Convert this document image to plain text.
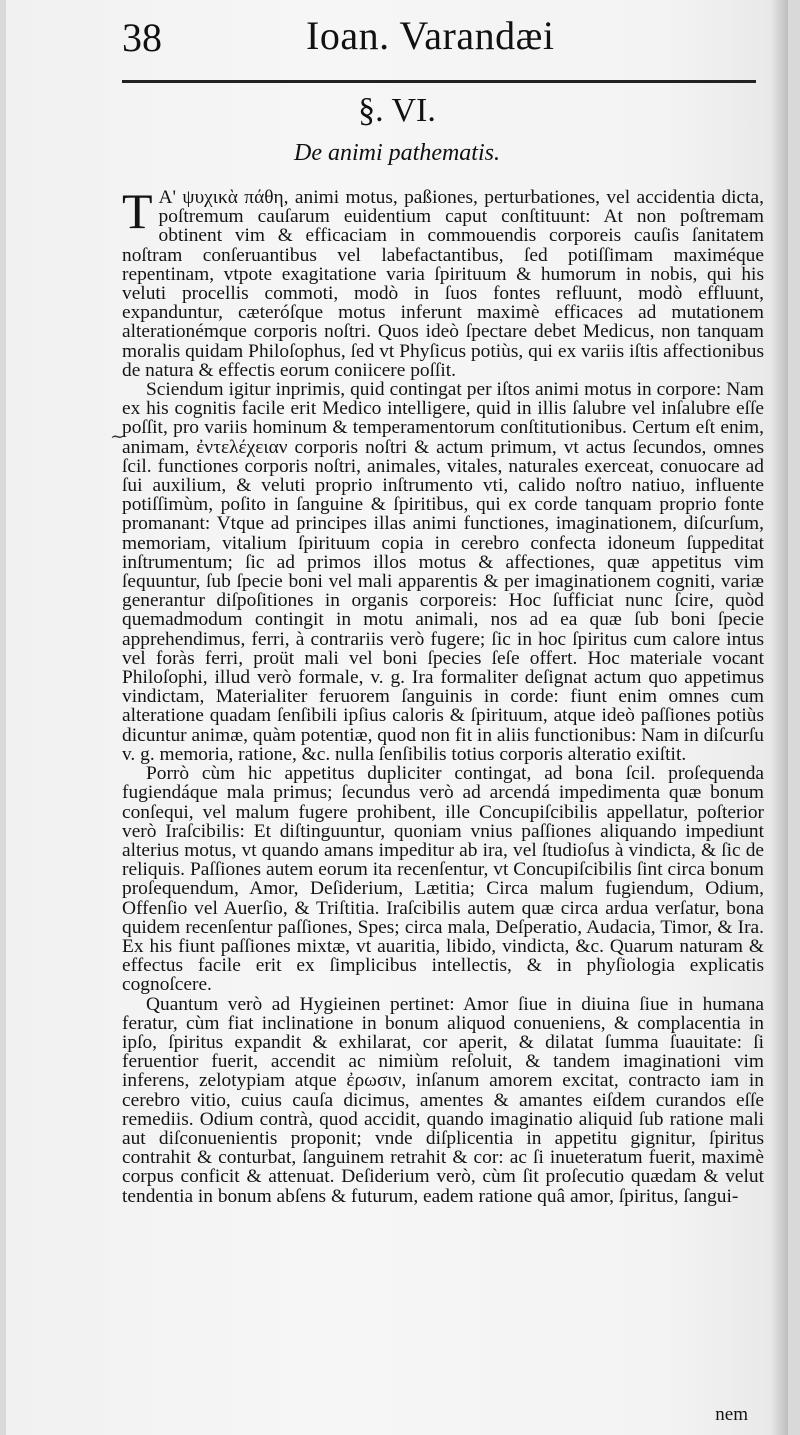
38	Ioan. Varandæi
§. VI.
De animi pathematis.
~

T A' ψυχικὰ πάθη, animi motus, paßiones, perturbationes, vel accidentia dicta, poſtremum cauſarum euidentium caput conſtituunt: At non poſtremam obtinent vim & efficaciam in commouendis corporeis cauſis ſanitatem noſtram conſeruantibus vel labefactantibus, ſed potiſſimam maximéque repentinam, vtpote exagitatione varia ſpirituum & humorum in nobis, qui his veluti procellis commoti, modò in ſuos fontes refluunt, modò effluunt, expanduntur, cæteróſque motus inferunt maximè efficaces ad mutationem alterationémque corporis noſtri. Quos ideò ſpectare debet Medicus, non tanquam moralis quidam Philoſophus, ſed vt Phyſicus potiùs, qui ex variis iſtis affectionibus de natura & effectis eorum coniicere poſſit.

Sciendum igitur inprimis, quid contingat per iſtos animi motus in corpore: Nam ex his cognitis facile erit Medico intelligere, quid in illis ſalubre vel inſalubre eſſe poſſit, pro variis hominum & temperamentorum conſtitutionibus. Certum eſt enim, animam, ἐντελέχειαν corporis noſtri & actum primum, vt actus ſecundos, omnes ſcil. functiones corporis noſtri, animales, vitales, naturales exerceat, conuocare ad ſui auxilium, & veluti proprio inſtrumento vti, calido noſtro natiuo, influente potiſſimùm, poſito in ſanguine & ſpiritibus, qui ex corde tanquam proprio fonte promanant: Vtque ad principes illas animi functiones, imaginationem, diſcurſum, memoriam, vitalium ſpirituum copia in cerebro confecta idoneum ſuppeditat inſtrumentum; ſic ad primos illos motus & affectiones, quæ appetitus vim ſequuntur, ſub ſpecie boni vel mali apparentis & per imaginationem cogniti, variæ generantur diſpoſitiones in organis corporeis: Hoc ſufficiat nunc ſcire, quòd quemadmodum contingit in motu animali, nos ad ea quæ ſub boni ſpecie apprehendimus, ferri, à contrariis verò fugere; ſic in hoc ſpiritus cum calore intus vel foràs ferri, proüt mali vel boni ſpecies ſeſe offert. Hoc materiale vocant Philoſophi, illud verò formale, v. g. Ira formaliter deſignat actum quo appetimus vindictam, Materialiter feruorem ſanguinis in corde: fiunt enim omnes cum alteratione quadam ſenſibili ipſius caloris & ſpirituum, atque ideò paſſiones potiùs dicuntur animæ, quàm potentiæ, quod non fit in aliis functionibus: Nam in diſcurſu v. g. memoria, ratione, &c. nulla ſenſibilis totius corporis alteratio exiſtit.

Porrò cùm hic appetitus dupliciter contingat, ad bona ſcil. proſequenda fugiendáque mala primus; ſecundus verò ad arcendá impedimenta quæ bonum conſequi, vel malum fugere prohibent, ille Concupiſcibilis appellatur, poſterior verò Iraſcibilis: Et diſtinguuntur, quoniam vnius paſſiones aliquando impediunt alterius motus, vt quando amans impeditur ab ira, vel ſtudioſus à vindicta, & ſic de reliquis. Paſſiones autem eorum ita recenſentur, vt Concupiſcibilis ſint circa bonum proſequendum, Amor, Deſiderium, Lætitia; Circa malum fugiendum, Odium, Offenſio vel Auerſio, & Triſtitia. Iraſcibilis autem quæ circa ardua verſatur, bona quidem recenſentur paſſiones, Spes; circa mala, Deſperatio, Audacia, Timor, & Ira. Ex his fiunt paſſiones mixtæ, vt auaritia, libido, vindicta, &c. Quarum naturam & effectus facile erit ex ſimplicibus intellectis, & in phyſiologia explicatis cognoſcere.

Quantum verò ad Hygieinen pertinet: Amor ſiue in diuina ſiue in humana feratur, cùm fiat inclinatione in bonum aliquod conueniens, & complacentia in ipſo, ſpiritus expandit & exhilarat, cor aperit, & dilatat ſumma ſuauitate: ſi feruentior fuerit, accendit ac nimiùm reſoluit, & tandem imaginationi vim inferens, zelotypiam atque ἐρωσιν, inſanum amorem excitat, contracto iam in cerebro vitio, cuius cauſa dicimus, amentes & amantes eiſdem curandos eſſe remediis. Odium contrà, quod accidit, quando imaginatio aliquid ſub ratione mali aut diſconuenientis proponit; vnde diſplicentia in appetitu gignitur, ſpiritus contrahit & conturbat, ſanguinem retrahit & cor: ac ſi inueteratum fuerit, maximè corpus conficit & attenuat. Deſiderium verò, cùm ſit proſecutio quædam & velut tendentia in bonum abſens & futurum, eadem ratione quâ amor, ſpiritus, ſangui-

nem
